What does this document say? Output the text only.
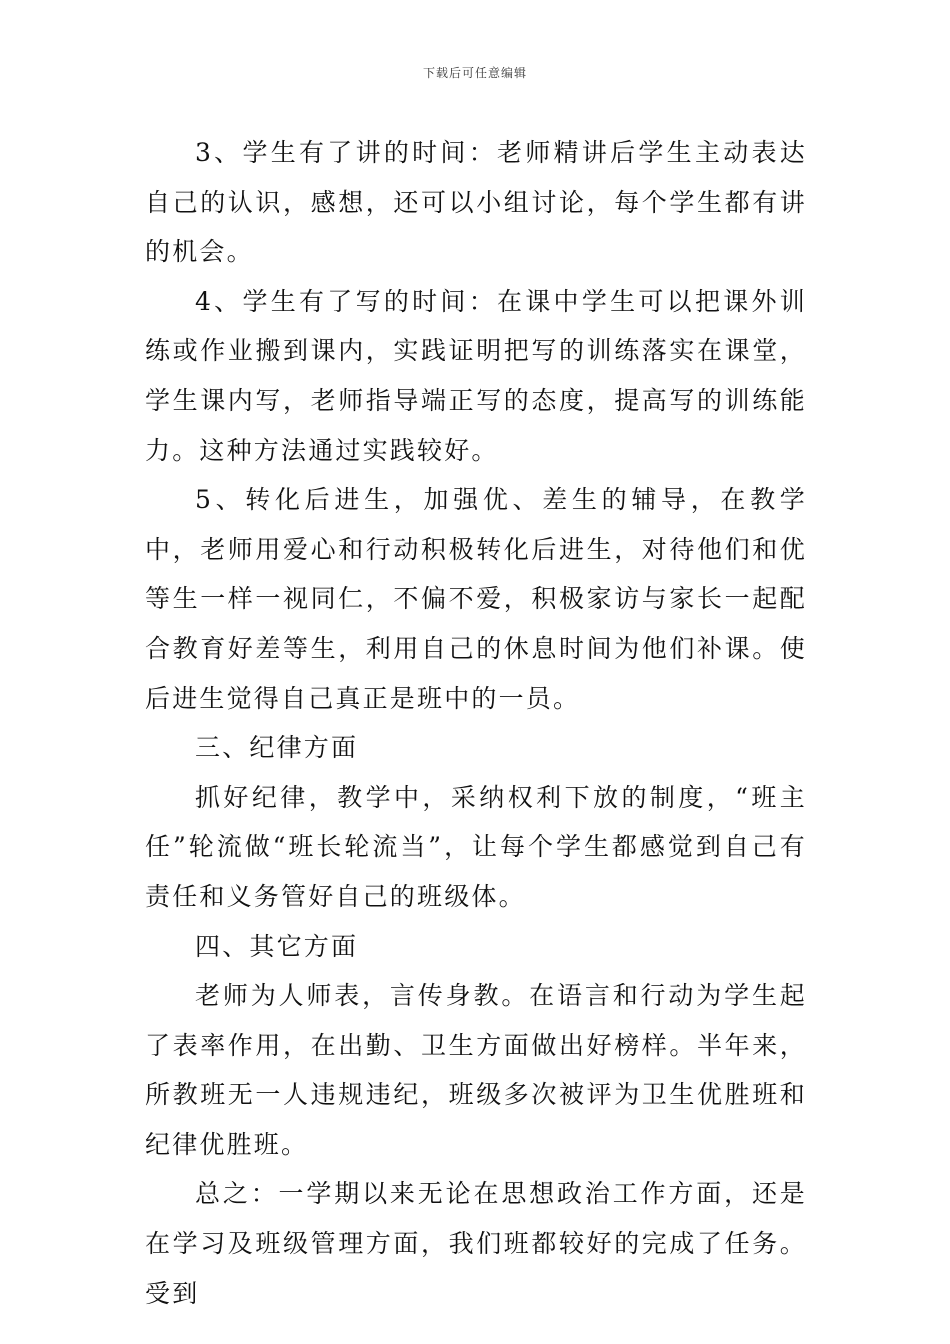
下载后可任意编辑

3、学生有了讲的时间：老师精讲后学生主动表达自己的认识，感想，还可以小组讨论，每个学生都有讲的机会。

4、学生有了写的时间：在课中学生可以把课外训练或作业搬到课内，实践证明把写的训练落实在课堂，学生课内写，老师指导端正写的态度，提高写的训练能力。这种方法通过实践较好。

5、转化后进生，加强优、差生的辅导，在教学中，老师用爱心和行动积极转化后进生，对待他们和优等生一样一视同仁，不偏不爱，积极家访与家长一起配合教育好差等生，利用自己的休息时间为他们补课。使后进生觉得自己真正是班中的一员。

三、纪律方面

抓好纪律，教学中，采纳权利下放的制度，“班主任”轮流做“班长轮流当”，让每个学生都感觉到自己有责任和义务管好自己的班级体。

四、其它方面

老师为人师表，言传身教。在语言和行动为学生起了表率作用，在出勤、卫生方面做出好榜样。半年来，所教班无一人违规违纪，班级多次被评为卫生优胜班和纪律优胜班。

总之：一学期以来无论在思想政治工作方面，还是在学习及班级管理方面，我们班都较好的完成了任务。受到
